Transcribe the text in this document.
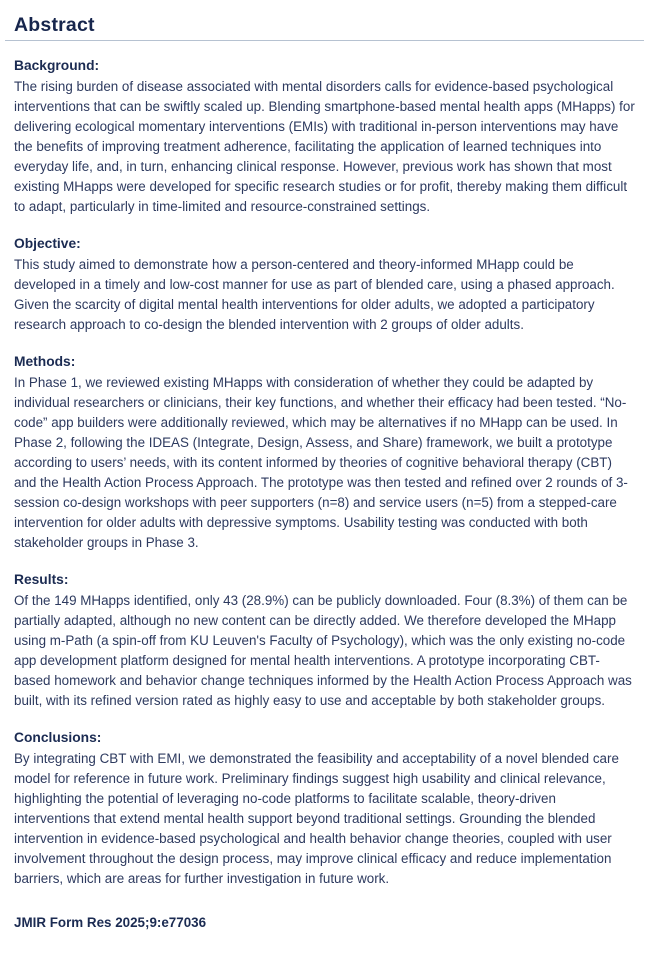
Abstract
Background:

The rising burden of disease associated with mental disorders calls for evidence-based psychological interventions that can be swiftly scaled up. Blending smartphone-based mental health apps (MHapps) for delivering ecological momentary interventions (EMIs) with traditional in-person interventions may have the benefits of improving treatment adherence, facilitating the application of learned techniques into everyday life, and, in turn, enhancing clinical response. However, previous work has shown that most existing MHapps were developed for specific research studies or for profit, thereby making them difficult to adapt, particularly in time-limited and resource-constrained settings.

Objective:

This study aimed to demonstrate how a person-centered and theory-informed MHapp could be developed in a timely and low-cost manner for use as part of blended care, using a phased approach. Given the scarcity of digital mental health interventions for older adults, we adopted a participatory research approach to co-design the blended intervention with 2 groups of older adults.

Methods:

In Phase 1, we reviewed existing MHapps with consideration of whether they could be adapted by individual researchers or clinicians, their key functions, and whether their efficacy had been tested. “No-code” app builders were additionally reviewed, which may be alternatives if no MHapp can be used. In Phase 2, following the IDEAS (Integrate, Design, Assess, and Share) framework, we built a prototype according to users’ needs, with its content informed by theories of cognitive behavioral therapy (CBT) and the Health Action Process Approach. The prototype was then tested and refined over 2 rounds of 3-session co-design workshops with peer supporters (n=8) and service users (n=5) from a stepped-care intervention for older adults with depressive symptoms. Usability testing was conducted with both stakeholder groups in Phase 3.

Results:

Of the 149 MHapps identified, only 43 (28.9%) can be publicly downloaded. Four (8.3%) of them can be partially adapted, although no new content can be directly added. We therefore developed the MHapp using m-Path (a spin-off from KU Leuven's Faculty of Psychology), which was the only existing no-code app development platform designed for mental health interventions. A prototype incorporating CBT-based homework and behavior change techniques informed by the Health Action Process Approach was built, with its refined version rated as highly easy to use and acceptable by both stakeholder groups.

Conclusions:

By integrating CBT with EMI, we demonstrated the feasibility and acceptability of a novel blended care model for reference in future work. Preliminary findings suggest high usability and clinical relevance, highlighting the potential of leveraging no-code platforms to facilitate scalable, theory-driven interventions that extend mental health support beyond traditional settings. Grounding the blended intervention in evidence-based psychological and health behavior change theories, coupled with user involvement throughout the design process, may improve clinical efficacy and reduce implementation barriers, which are areas for further investigation in future work.

JMIR Form Res 2025;9:e77036
